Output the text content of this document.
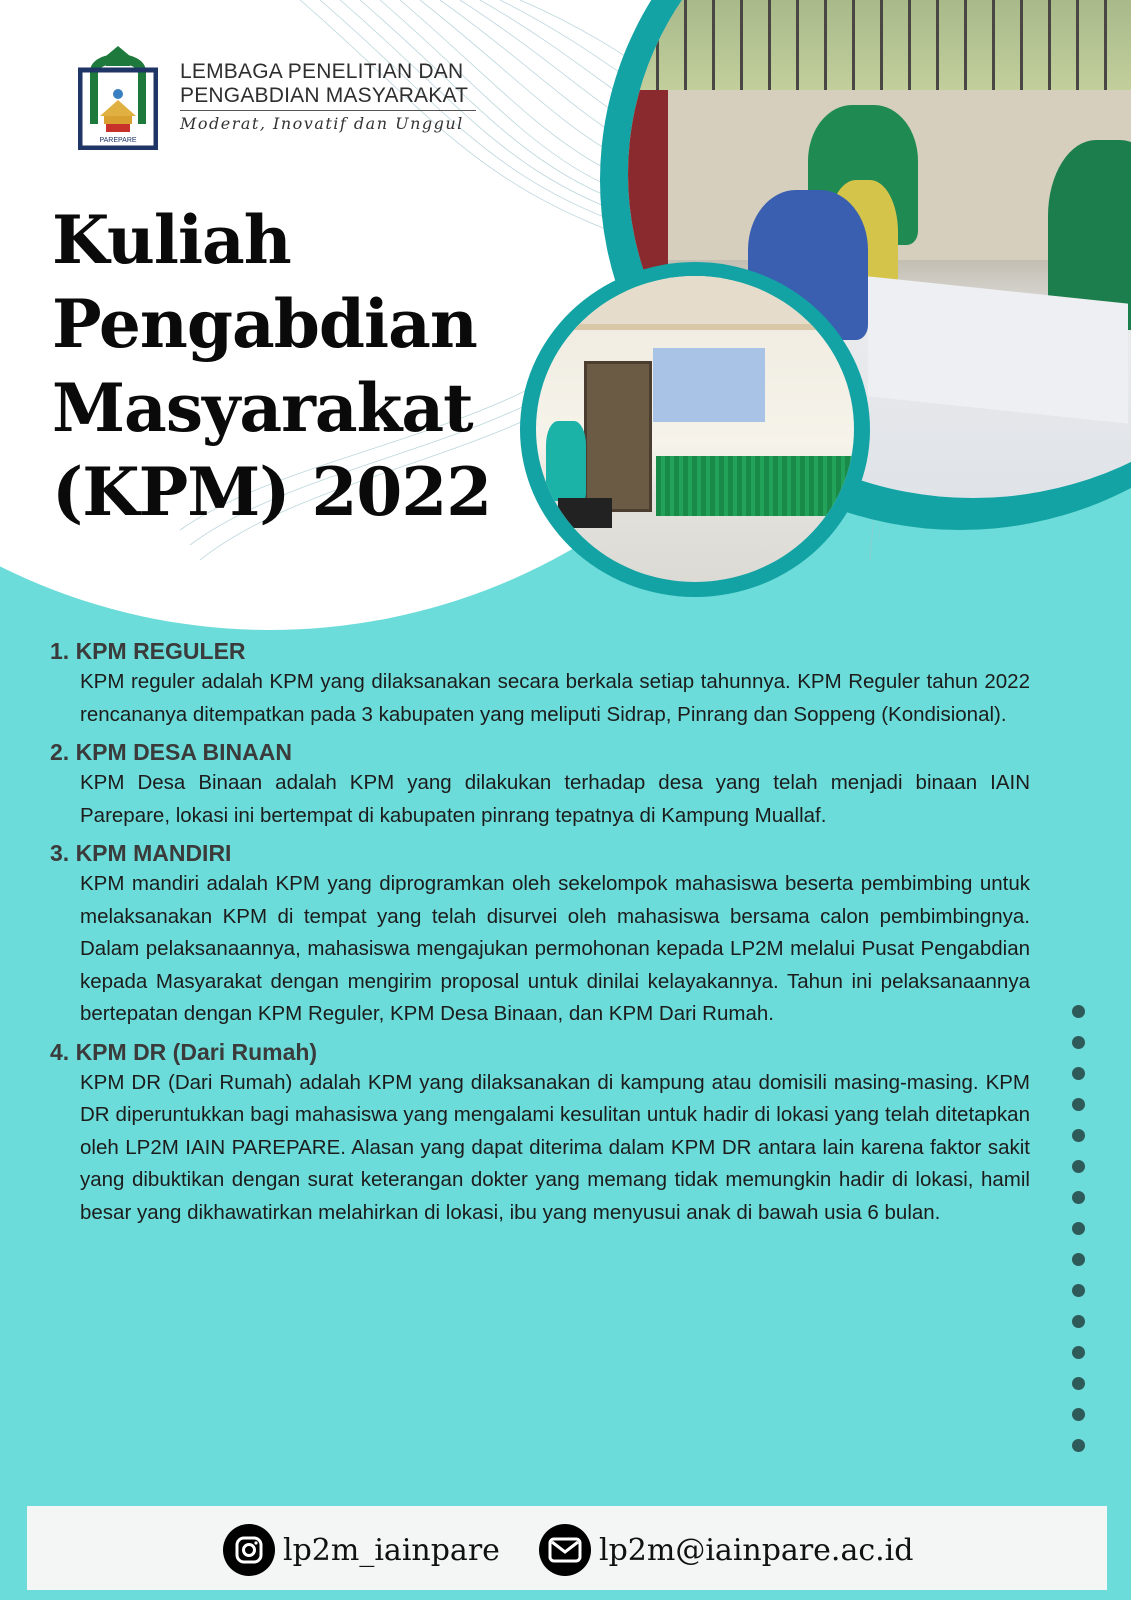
PAREPARE
LEMBAGA PENELITIAN DAN
PENGABDIAN MASYARAKAT
Moderat, Inovatif dan Unggul
Kuliah
Pengabdian
Masyarakat
(KPM) 2022
1. KPM REGULER
KPM reguler adalah KPM yang dilaksanakan secara berkala setiap tahunnya. KPM Reguler tahun 2022 rencananya ditempatkan pada 3 kabupaten yang meliputi Sidrap, Pinrang dan Soppeng (Kondisional).
2. KPM DESA BINAAN
KPM Desa Binaan adalah KPM yang dilakukan terhadap desa yang telah menjadi binaan IAIN Parepare, lokasi ini bertempat di kabupaten pinrang tepatnya di Kampung Muallaf.
3. KPM MANDIRI
KPM mandiri adalah KPM yang diprogramkan oleh sekelompok mahasiswa beserta pembimbing untuk melaksanakan KPM di tempat yang telah disurvei oleh mahasiswa bersama calon pembimbingnya. Dalam pelaksanaannya, mahasiswa mengajukan permohonan kepada LP2M melalui Pusat Pengabdian kepada Masyarakat dengan mengirim proposal untuk dinilai kelayakannya. Tahun ini pelaksanaannya bertepatan dengan KPM Reguler, KPM Desa Binaan, dan KPM Dari Rumah.
4. KPM DR (Dari Rumah)
KPM DR (Dari Rumah) adalah KPM yang dilaksanakan di kampung atau domisili masing-masing. KPM DR diperuntukkan bagi mahasiswa yang mengalami kesulitan untuk hadir di lokasi yang telah ditetapkan oleh LP2M IAIN PAREPARE. Alasan yang dapat diterima dalam KPM DR antara lain karena faktor sakit yang dibuktikan dengan surat keterangan dokter yang memang tidak memungkin hadir di lokasi, hamil besar yang dikhawatirkan melahirkan di lokasi, ibu yang menyusui anak di bawah usia 6 bulan.
lp2m_iainpare	lp2m@iainpare.ac.id
